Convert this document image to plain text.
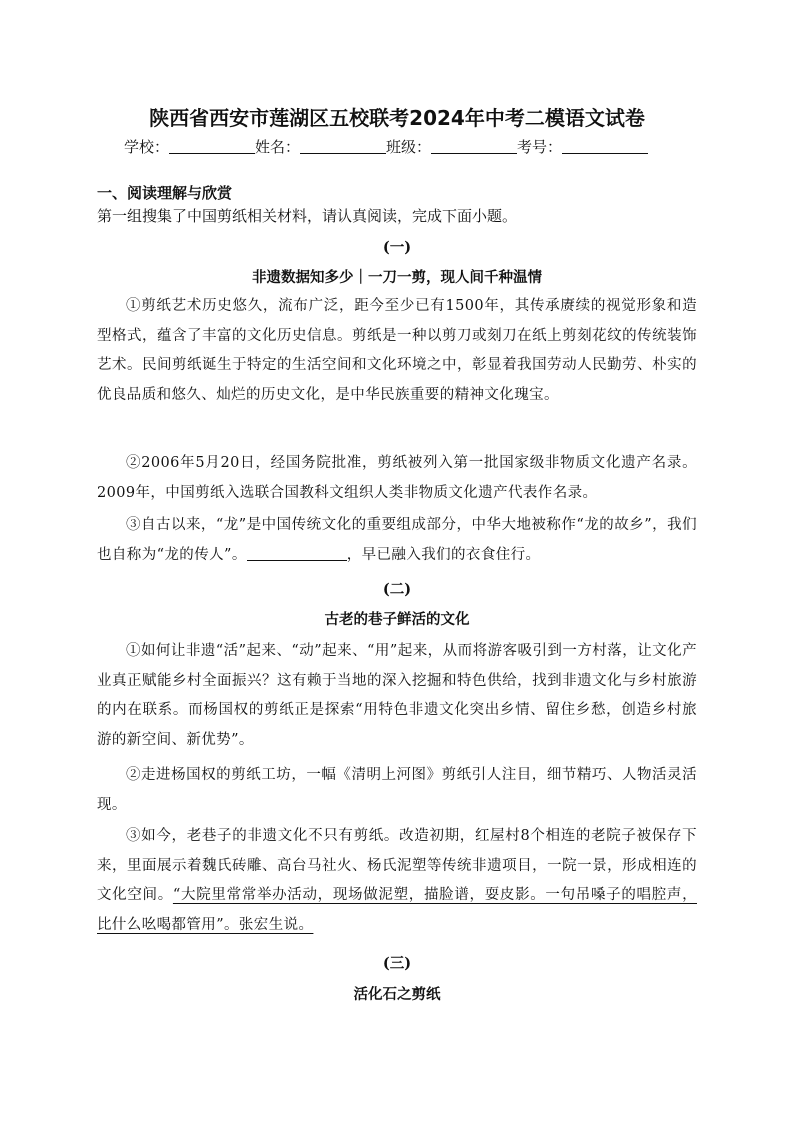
陕西省西安市莲湖区五校联考2024年中考二模语文试卷
学校：	姓名：	班级：	考号：
一、阅读理解与欣赏
第一组搜集了中国剪纸相关材料，请认真阅读，完成下面小题。
(一)
非遗数据知多少｜一刀一剪，现人间千种温情
①剪纸艺术历史悠久，流布广泛，距今至少已有1500年，其传承赓续的视觉形象和造型格式，蕴含了丰富的文化历史信息。剪纸是一种以剪刀或刻刀在纸上剪刻花纹的传统装饰艺术。民间剪纸诞生于特定的生活空间和文化环境之中，彰显着我国劳动人民勤劳、朴实的优良品质和悠久、灿烂的历史文化，是中华民族重要的精神文化瑰宝。
②2006年5月20日，经国务院批准，剪纸被列入第一批国家级非物质文化遗产名录。2009年，中国剪纸入选联合国教科文组织人类非物质文化遗产代表作名录。
③自古以来，“龙”是中国传统文化的重要组成部分，中华大地被称作“龙的故乡”，我们也自称为“龙的传人”。	，早已融入我们的衣食住行。
(二)
古老的巷子鲜活的文化
①如何让非遗“活”起来、“动”起来、“用”起来，从而将游客吸引到一方村落，让文化产业真正赋能乡村全面振兴？这有赖于当地的深入挖掘和特色供给，找到非遗文化与乡村旅游的内在联系。而杨国权的剪纸正是探索“用特色非遗文化突出乡情、留住乡愁，创造乡村旅游的新空间、新优势”。
②走进杨国权的剪纸工坊，一幅《清明上河图》剪纸引人注目，细节精巧、人物活灵活现。
③如今，老巷子的非遗文化不只有剪纸。改造初期，红屋村8个相连的老院子被保存下来，里面展示着魏氏砖雕、高台马社火、杨氏泥塑等传统非遗项目，一院一景，形成相连的文化空间。“大院里常常举办活动，现场做泥塑，描脸谱，耍皮影。一句吊嗓子的唱腔声，比什么吆喝都管用”。张宏生说。
(三)
活化石之剪纸
